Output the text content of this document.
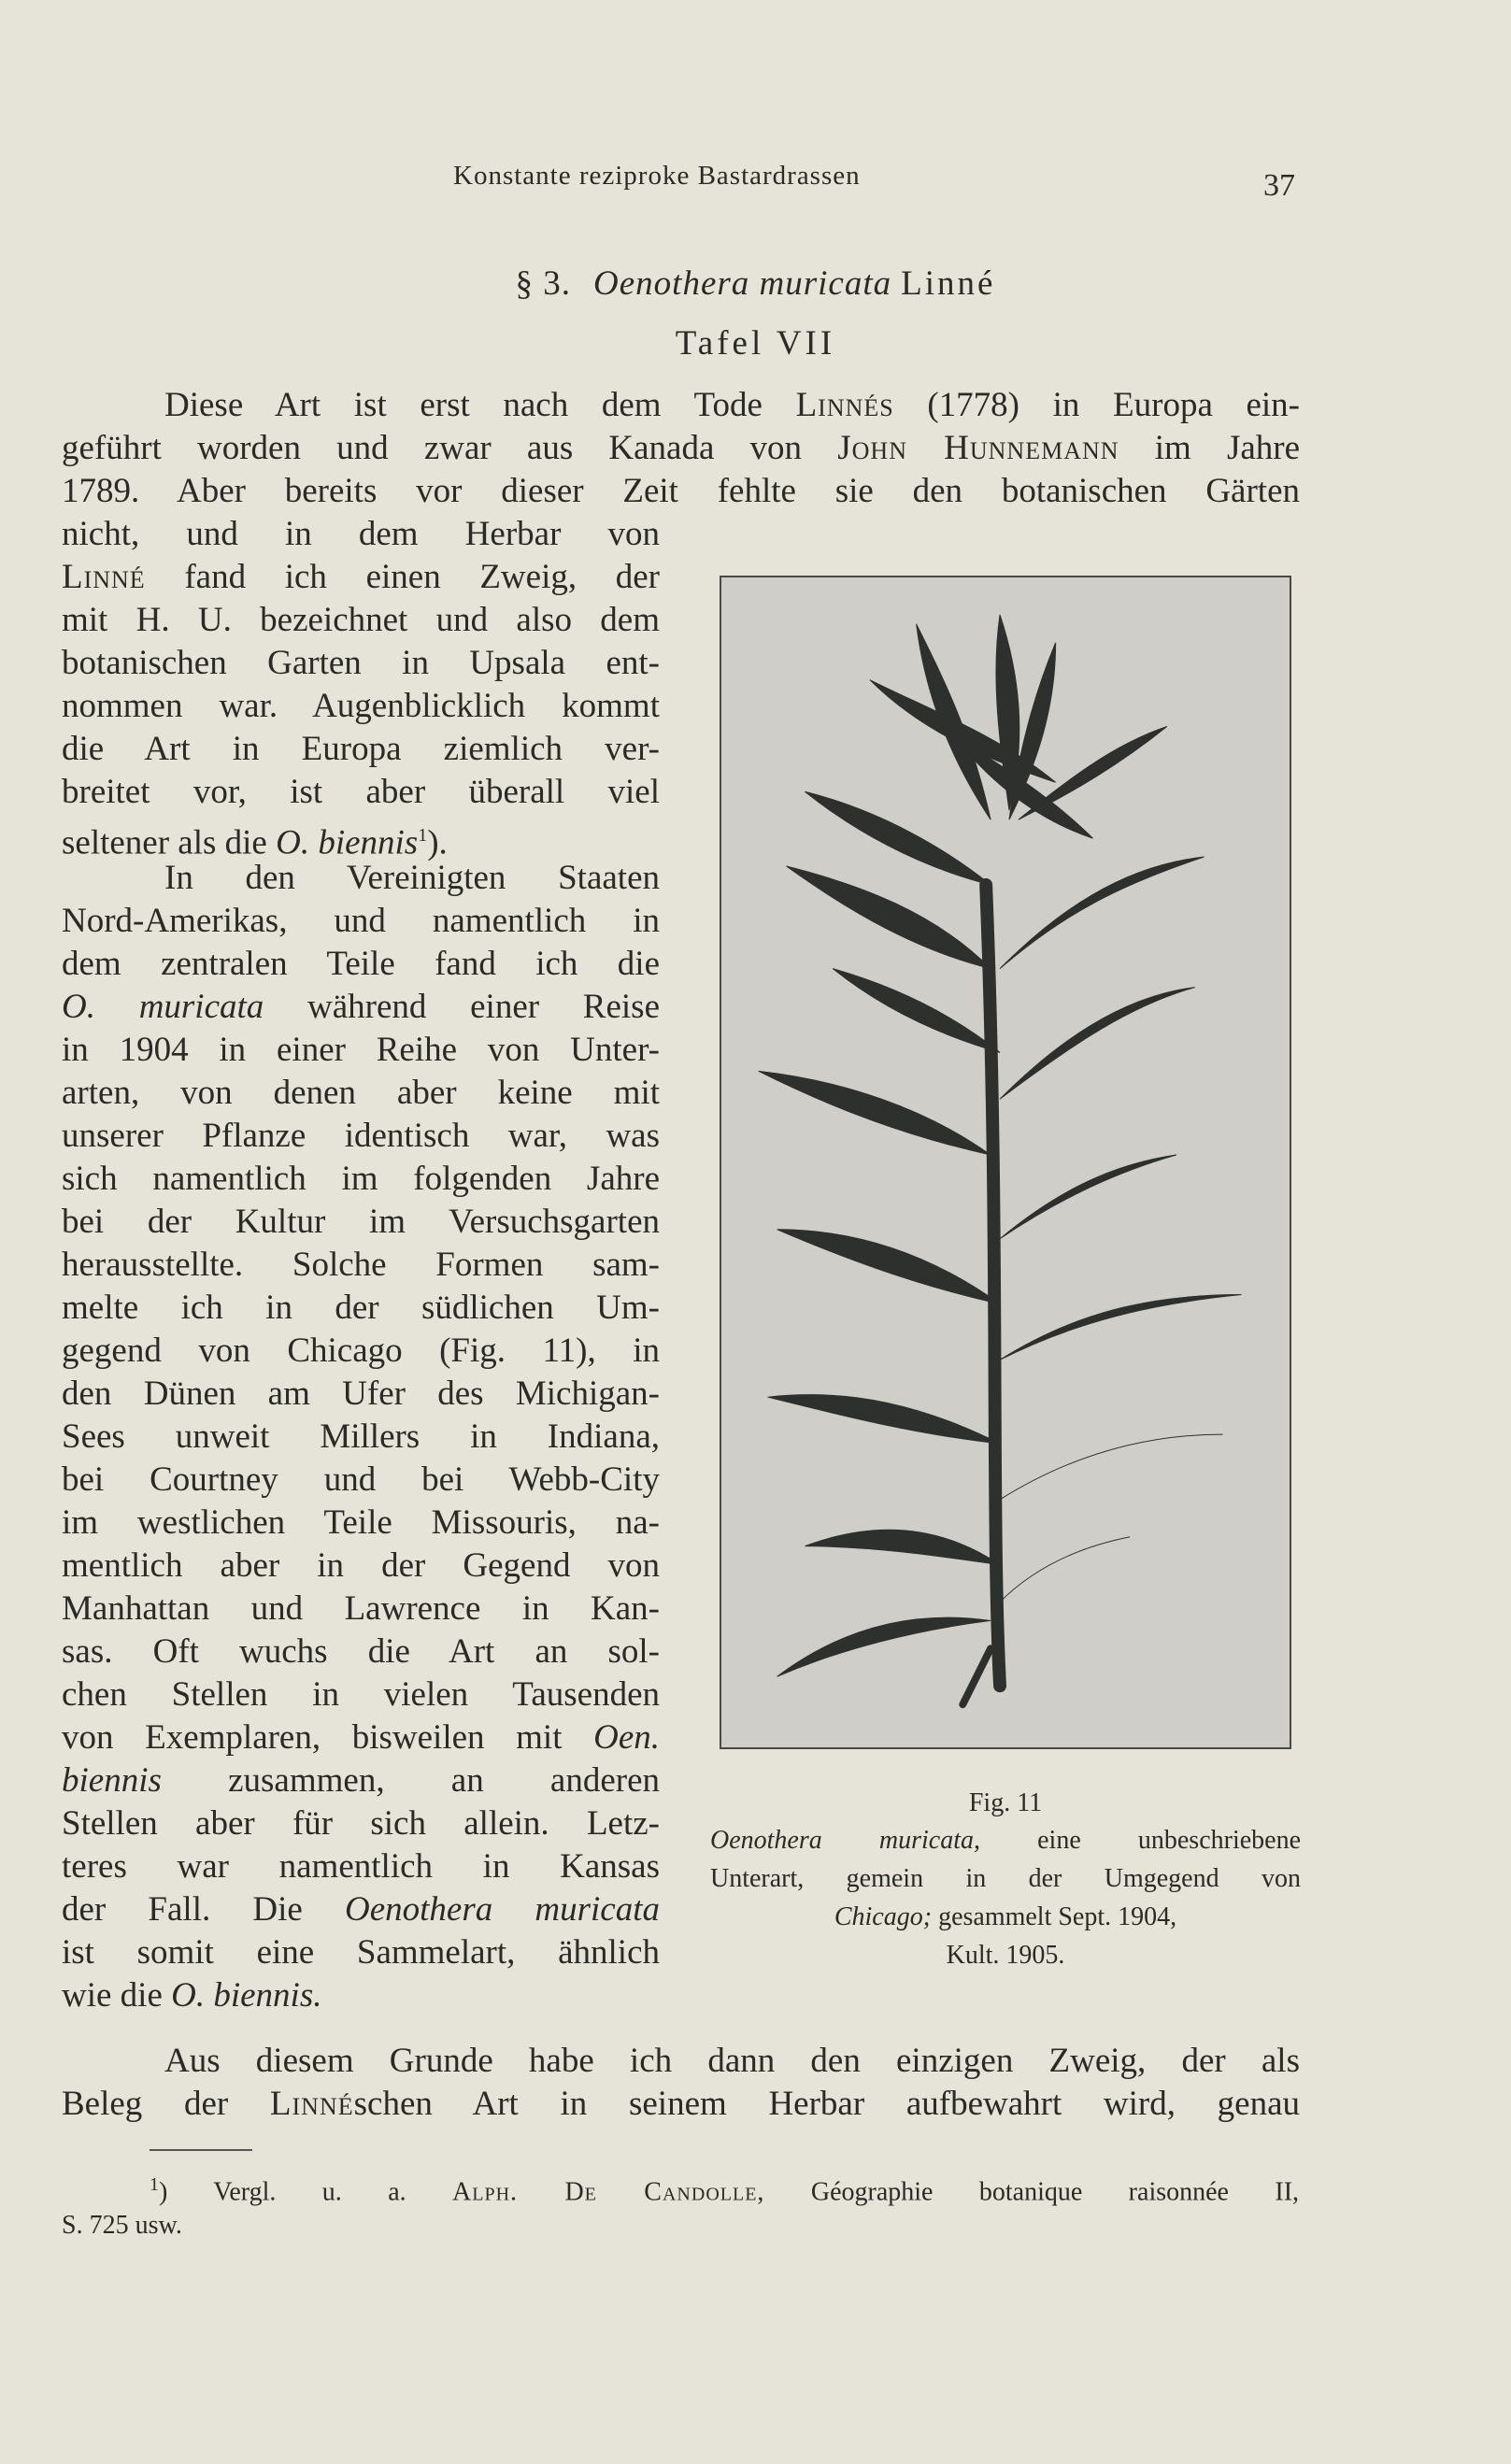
Konstante reziproke Bastardrassen	37
§ 3. Oenothera muricata Linné
Tafel VII
Diese Art ist erst nach dem Tode Linnés (1778) in Europa ein-
geführt worden und zwar aus Kanada von John Hunnemann im Jahre
1789. Aber bereits vor dieser Zeit fehlte sie den botanischen Gärten
nicht, und in dem Herbar von
Linné fand ich einen Zweig, der
mit H. U. bezeichnet und also dem
botanischen Garten in Upsala ent-
nommen war. Augenblicklich kommt
die Art in Europa ziemlich ver-
breitet vor, ist aber überall viel
seltener als die O. biennis$^1$).
In den Vereinigten Staaten
Nord-Amerikas, und namentlich in
dem zentralen Teile fand ich die
O. muricata während einer Reise
in 1904 in einer Reihe von Unter-
arten, von denen aber keine mit
unserer Pflanze identisch war, was
sich namentlich im folgenden Jahre
bei der Kultur im Versuchsgarten
herausstellte. Solche Formen sam-
melte ich in der südlichen Um-
gegend von Chicago (Fig. 11), in
den Dünen am Ufer des Michigan-
Sees unweit Millers in Indiana,
bei Courtney und bei Webb-City
im westlichen Teile Missouris, na-
mentlich aber in der Gegend von
Manhattan und Lawrence in Kan-
sas. Oft wuchs die Art an sol-
chen Stellen in vielen Tausenden
von Exemplaren, bisweilen mit Oen.
biennis zusammen, an anderen
Stellen aber für sich allein. Letz-
teres war namentlich in Kansas
der Fall. Die Oenothera muricata
ist somit eine Sammelart, ähnlich
wie die O. biennis.
Aus diesem Grunde habe ich dann den einzigen Zweig, der als
Beleg der Linnéschen Art in seinem Herbar aufbewahrt wird, genau
Fig. 11
Oenothera muricata, eine unbeschriebene
Unterart, gemein in der Umgegend von
Chicago; gesammelt Sept. 1904,
Kult. 1905.
$^1$) Vergl. u. a. Alph. De Candolle, Géographie botanique raisonnée II,
S. 725 usw.
